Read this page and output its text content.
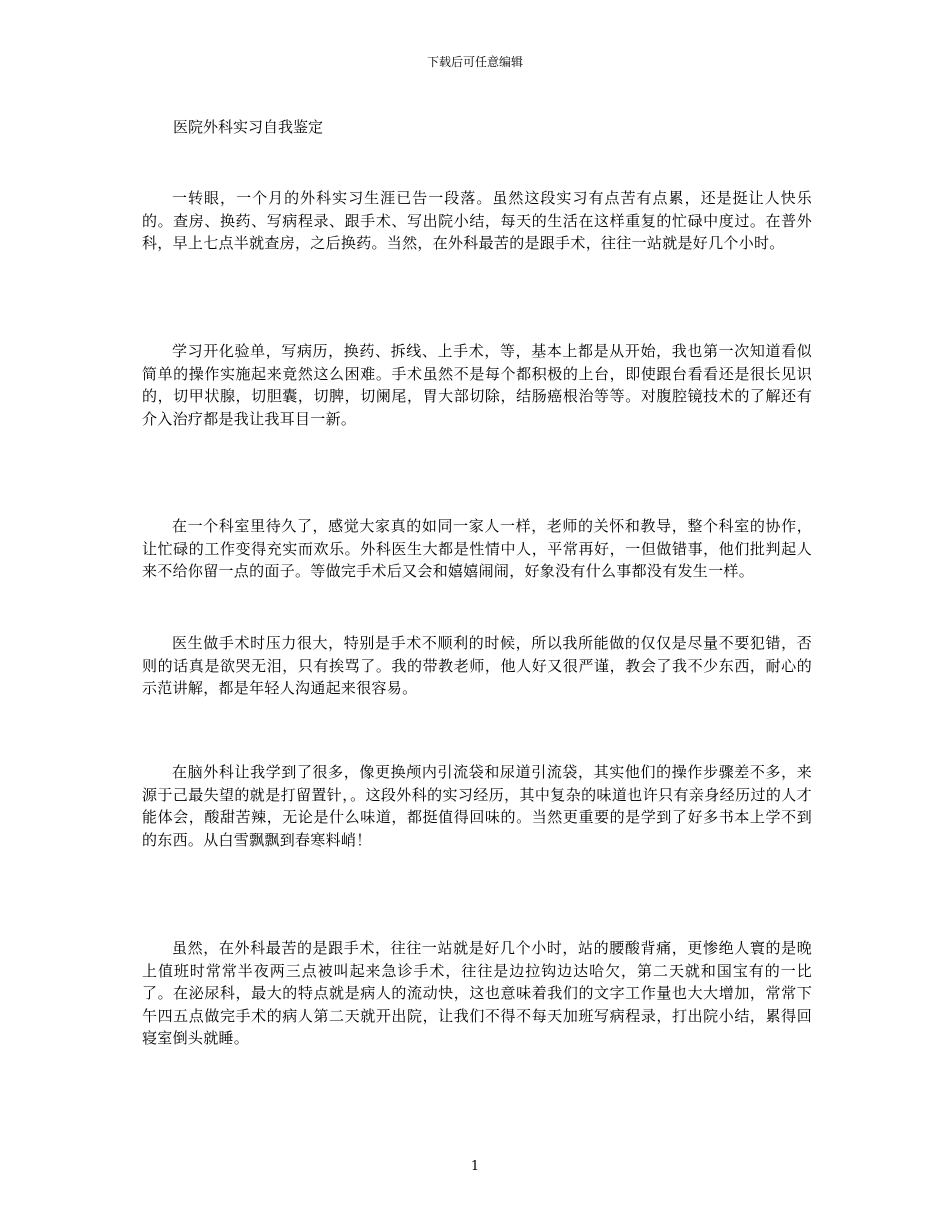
下载后可任意编辑
医院外科实习自我鉴定

一转眼，一个月的外科实习生涯已告一段落。虽然这段实习有点苦有点累，还是挺让人快乐的。查房、换药、写病程录、跟手术、写出院小结，每天的生活在这样重复的忙碌中度过。在普外科，早上七点半就查房，之后换药。当然，在外科最苦的是跟手术，往往一站就是好几个小时。

学习开化验单，写病历，换药、拆线、上手术，等，基本上都是从开始，我也第一次知道看似简单的操作实施起来竟然这么困难。手术虽然不是每个都积极的上台，即使跟台看看还是很长见识的，切甲状腺，切胆囊，切脾，切阑尾，胃大部切除，结肠癌根治等等。对腹腔镜技术的了解还有介入治疗都是我让我耳目一新。

在一个科室里待久了，感觉大家真的如同一家人一样，老师的关怀和教导，整个科室的协作，让忙碌的工作变得充实而欢乐。外科医生大都是性情中人，平常再好，一但做错事，他们批判起人来不给你留一点的面子。等做完手术后又会和嬉嬉闹闹，好象没有什么事都没有发生一样。

医生做手术时压力很大，特别是手术不顺利的时候，所以我所能做的仅仅是尽量不要犯错，否则的话真是欲哭无泪，只有挨骂了。我的带教老师，他人好又很严谨，教会了我不少东西，耐心的示范讲解，都是年轻人沟通起来很容易。

在脑外科让我学到了很多，像更换颅内引流袋和尿道引流袋，其实他们的操作步骤差不多，来源于己最失望的就是打留置针，。这段外科的实习经历，其中复杂的味道也许只有亲身经历过的人才能体会，酸甜苦辣，无论是什么味道，都挺值得回味的。当然更重要的是学到了好多书本上学不到的东西。从白雪飘飘到春寒料峭！

虽然，在外科最苦的是跟手术，往往一站就是好几个小时，站的腰酸背痛，更惨绝人寰的是晚上值班时常常半夜两三点被叫起来急诊手术，往往是边拉钩边达哈欠，第二天就和国宝有的一比了。在泌尿科，最大的特点就是病人的流动快，这也意味着我们的文字工作量也大大增加，常常下午四五点做完手术的病人第二天就开出院，让我们不得不每天加班写病程录，打出院小结，累得回寝室倒头就睡。

1
